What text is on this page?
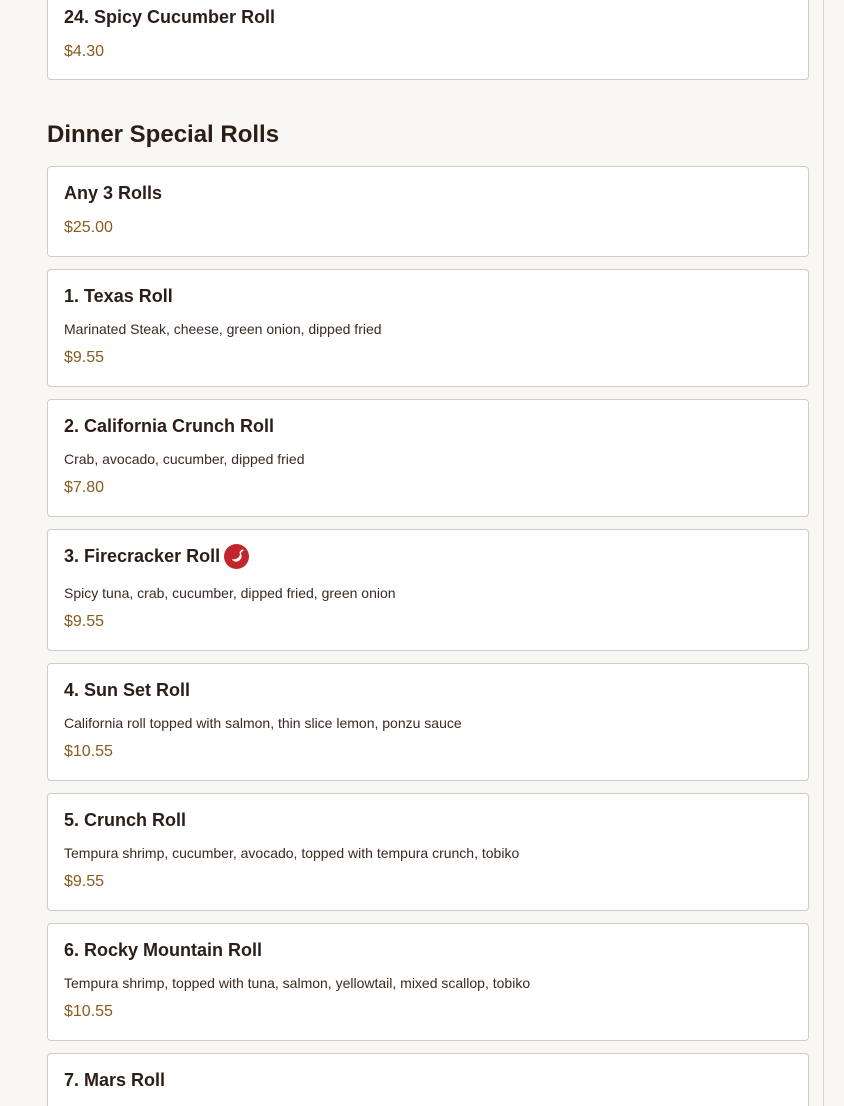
24. Spicy Cucumber Roll
$4.30
Dinner Special Rolls
Any 3 Rolls
$25.00
1. Texas Roll
Marinated Steak, cheese, green onion, dipped fried
$9.55
2. California Crunch Roll
Crab, avocado, cucumber, dipped fried
$7.80
3. Firecracker Roll
Spicy tuna, crab, cucumber, dipped fried, green onion
$9.55
4. Sun Set Roll
California roll topped with salmon, thin slice lemon, ponzu sauce
$10.55
5. Crunch Roll
Tempura shrimp, cucumber, avocado, topped with tempura crunch, tobiko
$9.55
6. Rocky Mountain Roll
Tempura shrimp, topped with tuna, salmon, yellowtail, mixed scallop, tobiko
$10.55
7. Mars Roll
